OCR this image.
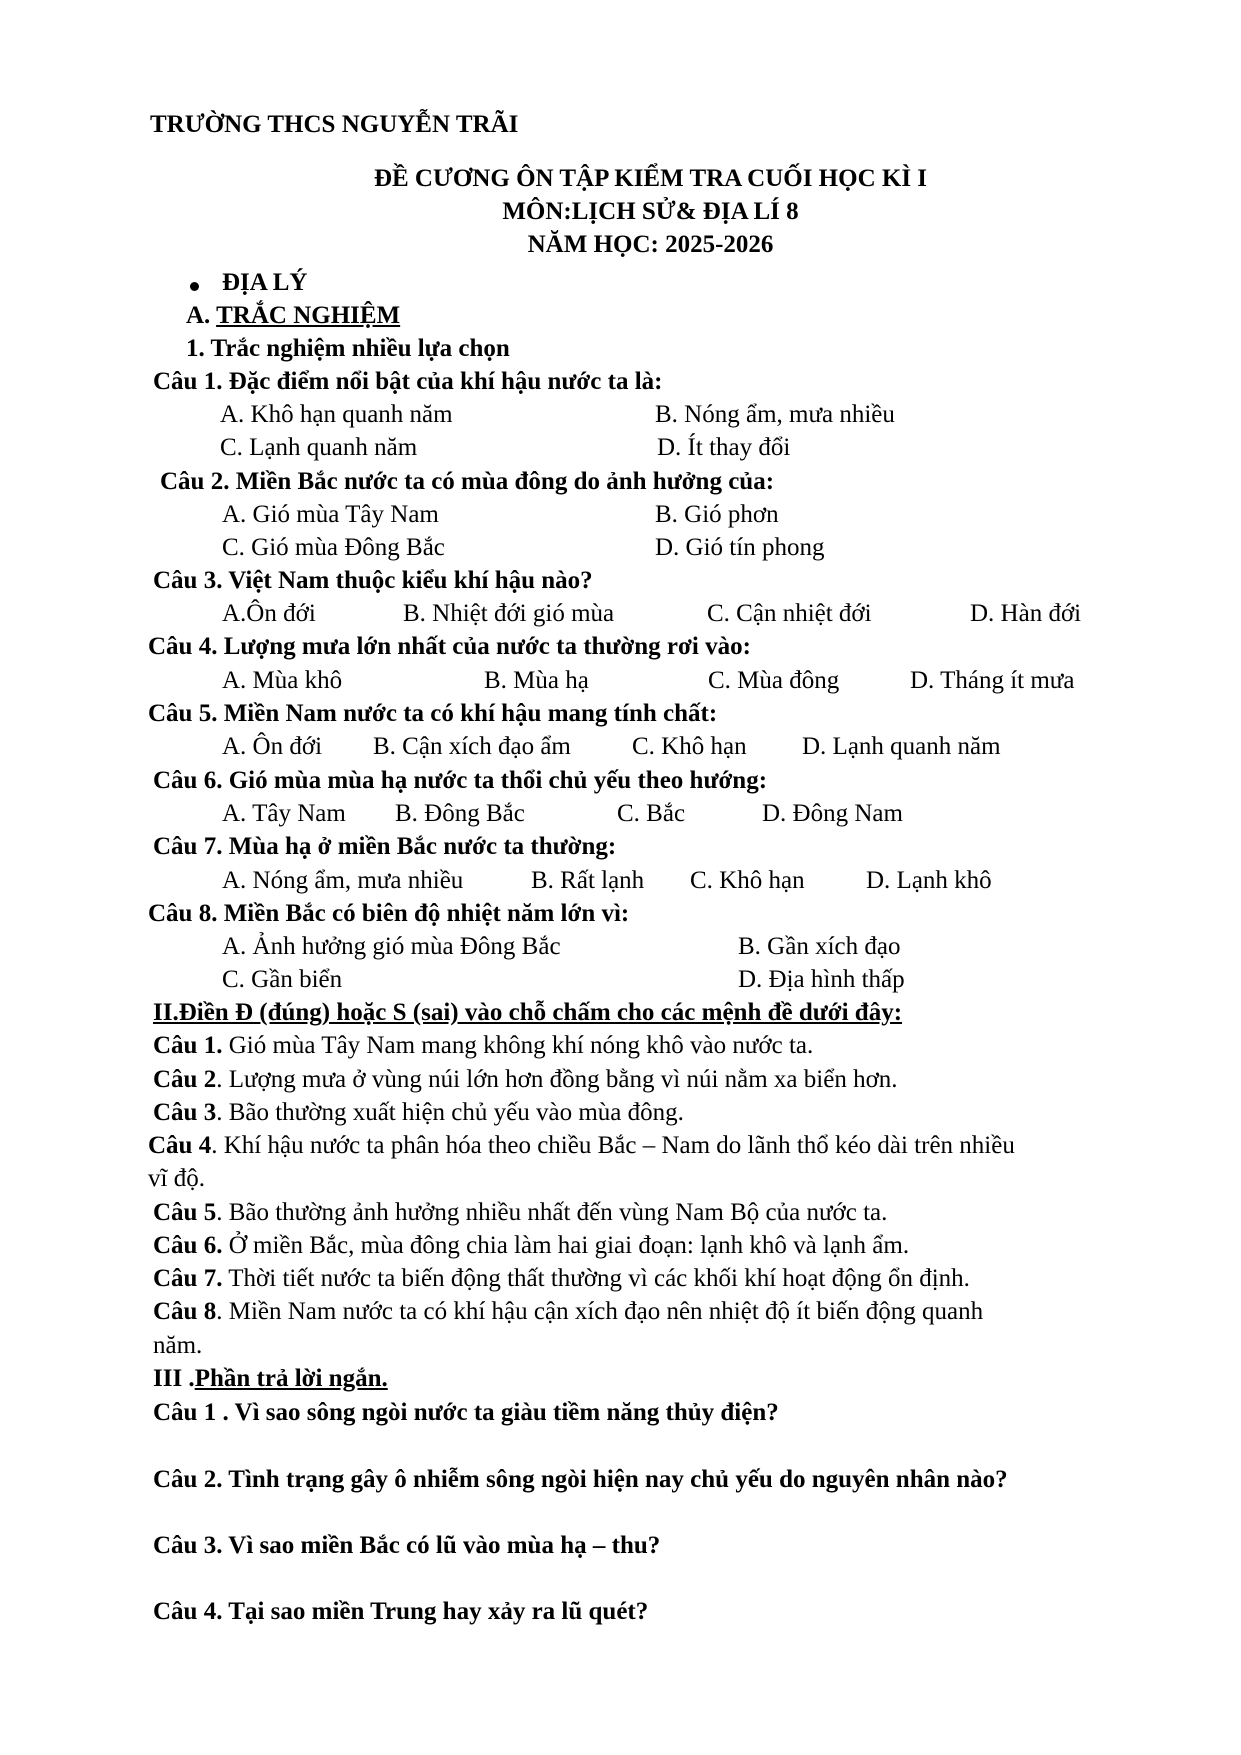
TRƯỜNG THCS NGUYỄN TRÃI
ĐỀ CƯƠNG ÔN TẬP KIỂM TRA CUỐI HỌC KÌ I
MÔN:LỊCH SỬ& ĐỊA LÍ 8
NĂM HỌC: 2025-2026
ĐỊA LÝ
A. TRẮC NGHIỆM
1. Trắc nghiệm nhiều lựa chọn
Câu 1. Đặc điểm nổi bật của khí hậu nước ta là:
A. Khô hạn quanh năm	B. Nóng ẩm, mưa nhiều
C. Lạnh quanh năm	D. Ít thay đổi
Câu 2. Miền Bắc nước ta có mùa đông do ảnh hưởng của:
A. Gió mùa Tây Nam	B. Gió phơn
C. Gió mùa Đông Bắc	D. Gió tín phong
Câu 3. Việt Nam thuộc kiểu khí hậu nào?
A.Ôn đới	B. Nhiệt đới gió mùa	C. Cận nhiệt đới	D. Hàn đới
Câu 4. Lượng mưa lớn nhất của nước ta thường rơi vào:
A. Mùa khô	B. Mùa hạ	C. Mùa đông	D. Tháng ít mưa
Câu 5. Miền Nam nước ta có khí hậu mang tính chất:
A. Ôn đới B. Cận xích đạo ẩm C. Khô hạn D. Lạnh quanh năm
Câu 6. Gió mùa mùa hạ nước ta thổi chủ yếu theo hướng:
A. Tây Nam B. Đông Bắc	C. Bắc	D. Đông Nam
Câu 7. Mùa hạ ở miền Bắc nước ta thường:
A. Nóng ẩm, mưa nhiều	B. Rất lạnh C. Khô hạn D. Lạnh khô
Câu 8. Miền Bắc có biên độ nhiệt năm lớn vì:
A. Ảnh hưởng gió mùa Đông Bắc	B. Gần xích đạo
C. Gần biển	D. Địa hình thấp
II.Điền Đ (đúng) hoặc S (sai) vào chỗ chấm cho các mệnh đề dưới đây:
Câu 1. Gió mùa Tây Nam mang không khí nóng khô vào nước ta.
Câu 2. Lượng mưa ở vùng núi lớn hơn đồng bằng vì núi nằm xa biển hơn.
Câu 3. Bão thường xuất hiện chủ yếu vào mùa đông.
Câu 4. Khí hậu nước ta phân hóa theo chiều Bắc – Nam do lãnh thổ kéo dài trên nhiều
vĩ độ.
Câu 5. Bão thường ảnh hưởng nhiều nhất đến vùng Nam Bộ của nước ta.
Câu 6. Ở miền Bắc, mùa đông chia làm hai giai đoạn: lạnh khô và lạnh ẩm.
Câu 7. Thời tiết nước ta biến động thất thường vì các khối khí hoạt động ổn định.
Câu 8. Miền Nam nước ta có khí hậu cận xích đạo nên nhiệt độ ít biến động quanh
năm.
III .Phần trả lời ngắn.
Câu 1 . Vì sao sông ngòi nước ta giàu tiềm năng thủy điện?
Câu 2. Tình trạng gây ô nhiễm sông ngòi hiện nay chủ yếu do nguyên nhân nào?
Câu 3. Vì sao miền Bắc có lũ vào mùa hạ – thu?
Câu 4. Tại sao miền Trung hay xảy ra lũ quét?
